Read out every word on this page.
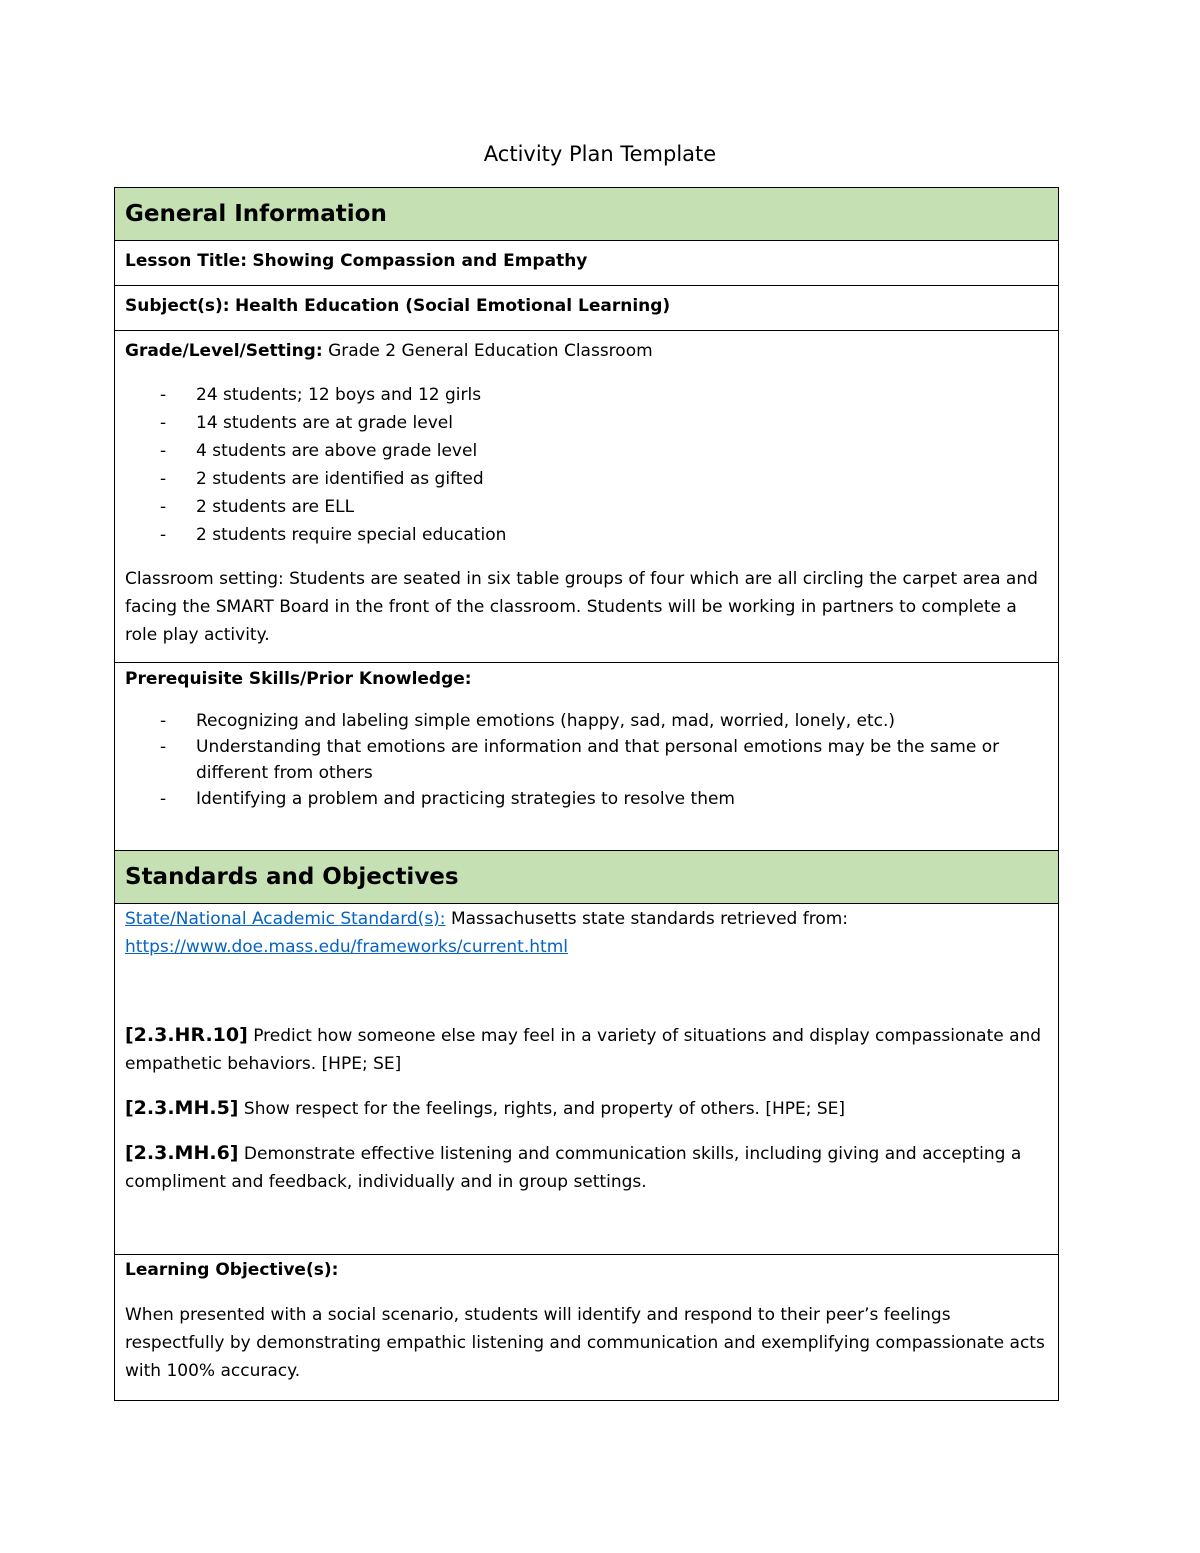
Activity Plan Template
General Information
Lesson Title: Showing Compassion and Empathy
Subject(s): Health Education (Social Emotional Learning)

Grade/Level/Setting: Grade 2 General Education Classroom

- 24 students; 12 boys and 12 girls
- 14 students are at grade level
- 4 students are above grade level
- 2 students are identified as gifted
- 2 students are ELL
- 2 students require special education

Classroom setting: Students are seated in six table groups of four which are all circling the carpet area and facing the SMART Board in the front of the classroom. Students will be working in partners to complete a role play activity.

Prerequisite Skills/Prior Knowledge:

- Recognizing and labeling simple emotions (happy, sad, mad, worried, lonely, etc.)
- Understanding that emotions are information and that personal emotions may be the same or different from others
- Identifying a problem and practicing strategies to resolve them
Standards and Objectives

State/National Academic Standard(s): Massachusetts state standards retrieved from:

https://www.doe.mass.edu/frameworks/current.html

[2.3.HR.10] Predict how someone else may feel in a variety of situations and display compassionate and empathetic behaviors. [HPE; SE]

[2.3.MH.5] Show respect for the feelings, rights, and property of others. [HPE; SE]

[2.3.MH.6] Demonstrate effective listening and communication skills, including giving and accepting a compliment and feedback, individually and in group settings.

Learning Objective(s):

When presented with a social scenario, students will identify and respond to their peer’s feelings respectfully by demonstrating empathic listening and communication and exemplifying compassionate acts with 100% accuracy.
